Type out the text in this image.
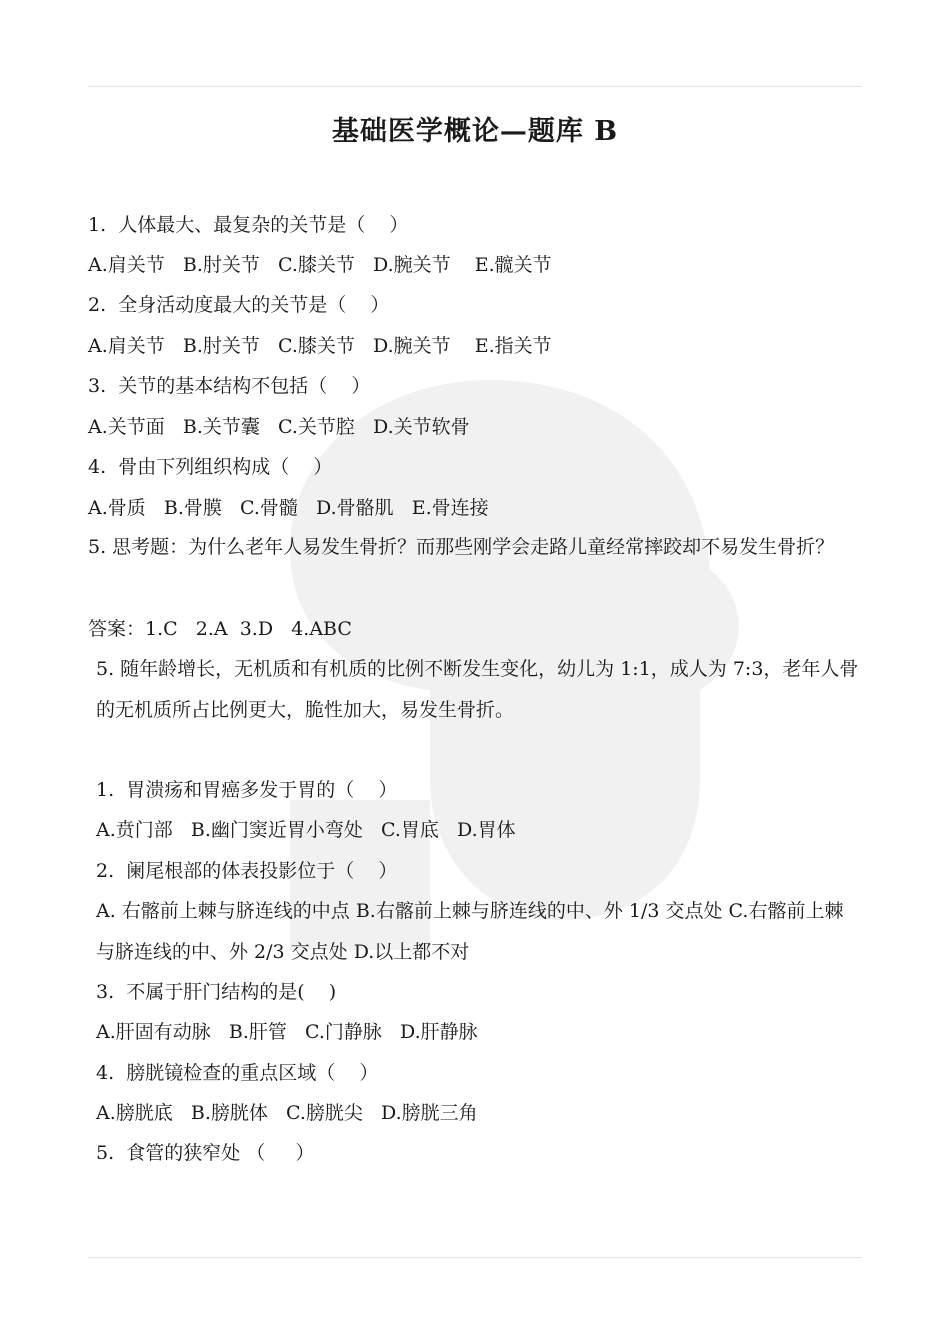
基础医学概论—题库 B
1.  人体最大、最复杂的关节是（    ）
A.肩关节   B.肘关节   C.膝关节   D.腕关节    E.髋关节
2.  全身活动度最大的关节是（    ）
A.肩关节   B.肘关节   C.膝关节   D.腕关节    E.指关节
3.  关节的基本结构不包括（    ）
A.关节面   B.关节囊   C.关节腔   D.关节软骨
4.  骨由下列组织构成（    ）
A.骨质   B.骨膜   C.骨髓   D.骨骼肌   E.骨连接
5. 思考题：为什么老年人易发生骨折？而那些刚学会走路儿童经常摔跤却不易发生骨折？
答案：1.C   2.A  3.D   4.ABC
5. 随年龄增长，无机质和有机质的比例不断发生变化，幼儿为 1:1，成人为 7:3，老年人骨的无机质所占比例更大，脆性加大，易发生骨折。
1.  胃溃疡和胃癌多发于胃的（    ）
A.贲门部   B.幽门窦近胃小弯处   C.胃底   D.胃体
2.  阑尾根部的体表投影位于（    ）
A. 右髂前上棘与脐连线的中点 B.右髂前上棘与脐连线的中、外 1/3 交点处 C.右髂前上棘与脐连线的中、外 2/3 交点处 D.以上都不对
3.  不属于肝门结构的是(    )
A.肝固有动脉   B.肝管   C.门静脉   D.肝静脉
4.  膀胱镜检查的重点区域（    ）
A.膀胱底   B.膀胱体   C.膀胱尖   D.膀胱三角
5.  食管的狭窄处 （     ）
